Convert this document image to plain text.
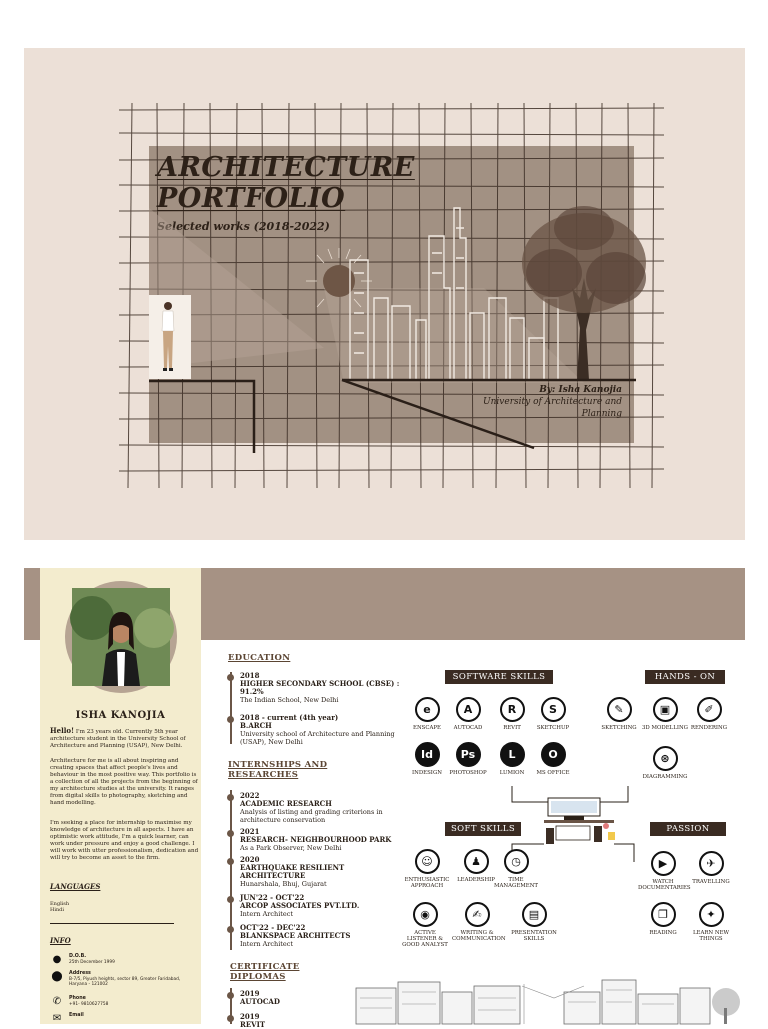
ARCHITECTURE
PORTFOLIO
Selected works (2018-2022)
By: Isha Kanojia
University of Architecture and Planning
ISHA KANOJIA
Hello! I'm 23 years old. Currently 5th year architecture student in the University School of Architecture and Planning (USAP), New Delhi.
Architecture for me is all about inspiring and creating spaces that affect people's lives and behaviour in the most positive way. This portfolio is a collection of all the projects from the beginning of my architecture studies at the university. It ranges from digital skills to photography, sketching and hand modelling.
I'm seeking a place for internship to maximise my knowledge of architecture in all aspects. I have an optimistic work attitude, I'm a quick learner, can work under pressure and enjoy a good challenge. I will work with utter professionalism, dedication and will try to become an asset to the firm.
LANGUAGES
English
Hindi
INFO
●	D.O.B.
25th December 1999
⬤ Address
B-7/5, Piyush heights, sector 89, Greater Faridabad, Haryana - 121002
✆	Phone
+91- 9810627758
✉	Email
EDUCATION
2018
HIGHER SECONDARY SCHOOL (CBSE) : 91.2%
The Indian School, New Delhi
2018 - current (4th year)
B.ARCH
University school of Architecture and Planning (USAP), New Delhi
INTERNSHIPS AND
RESEARCHES
2022
ACADEMIC RESEARCH
Analysis of listing and grading criterions in architecture conservation
2021
RESEARCH- NEIGHBOURHOOD PARK
As a Park Observer, New Delhi
2020
EARTHQUAKE RESILIENT ARCHITECTURE
Hunarshala, Bhuj, Gujarat
JUN'22 - OCT'22
ARCOP ASSOCIATES PVT.LTD.
Intern Architect
OCT'22 - DEC'22
BLANKSPACE ARCHITECTS
Intern Architect
CERTIFICATE
DIPLOMAS
2019
AUTOCAD
2019
REVIT
SOFTWARE SKILLS	HANDS - ON
SOFT SKILLS	PASSION
e
ENSCAPE
A
AUTOCAD
R
REVIT
S
SKETCHUP
Id
INDESIGN
Ps
PHOTOSHOP
L
LUMION
O
MS OFFICE
✎
SKETCHING
▣
3D MODELLING
✐
RENDERING
⊛
DIAGRAMMING
☺
ENTHUSIASTIC APPROACH
♟
LEADERSHIP
◷
TIME MANAGEMENT
◉
ACTIVE LISTENER & GOOD ANALYST
✍
WRITING & COMMUNICATION
▤
PRESENTATION SKILLS
▶
WATCH DOCUMENTARIES
✈
TRAVELLING
❐
READING
✦
LEARN NEW THINGS
